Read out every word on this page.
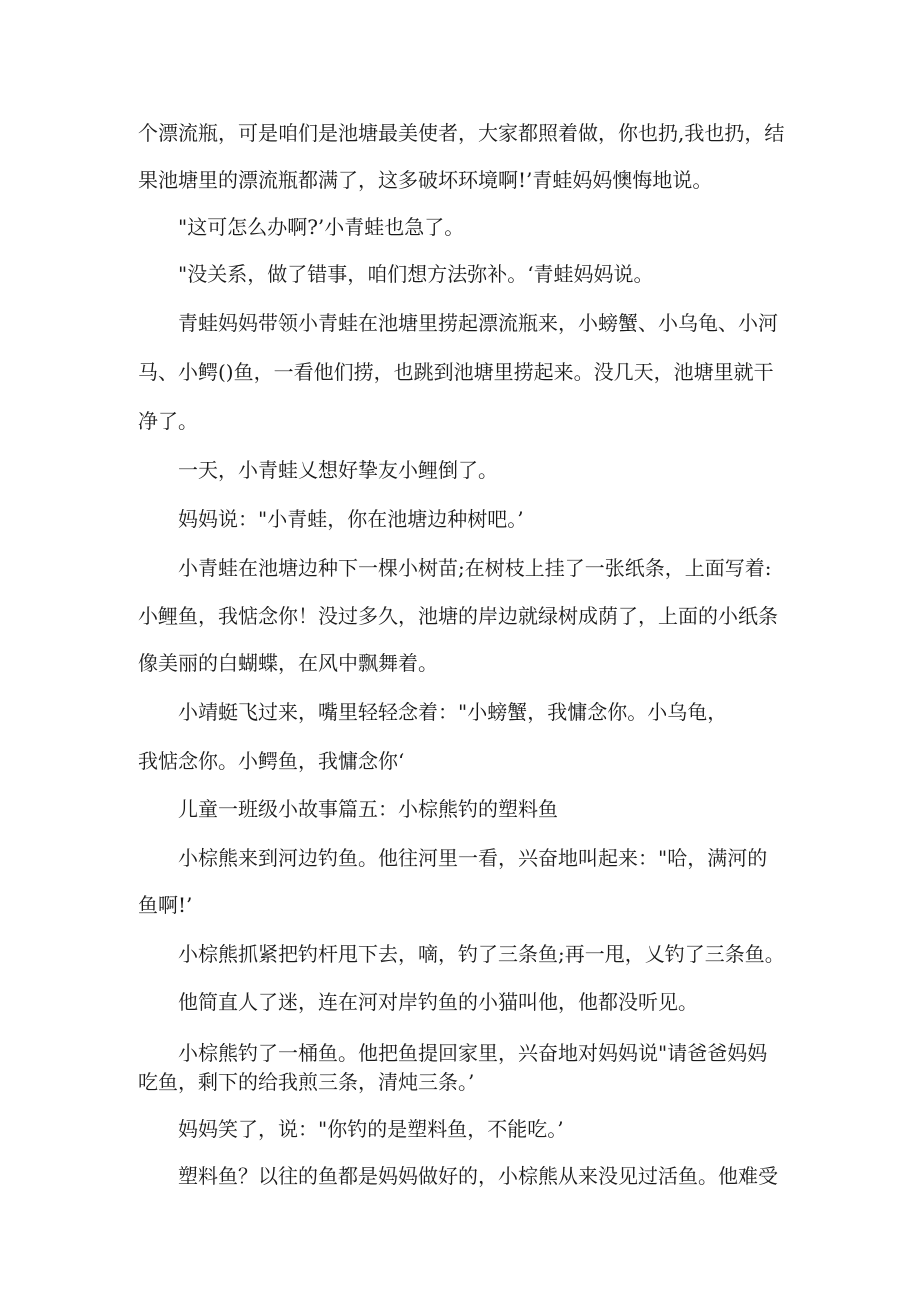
个漂流瓶，可是咱们是池塘最美使者，大家都照着做，你也扔,我也扔，结
果池塘里的漂流瓶都满了，这多破坏环境啊!’青蛙妈妈懊悔地说。
"这可怎么办啊?’小青蛙也急了。
"没关系，做了错事，咱们想方法弥补。‘青蛙妈妈说。
青蛙妈妈带领小青蛙在池塘里捞起漂流瓶来，小螃蟹、小乌龟、小河
马、小鳄()鱼，一看他们捞，也跳到池塘里捞起来。没几天，池塘里就干
净了。
一天，小青蛙乂想好挚友小鲤倒了。
妈妈说："小青蛙，你在池塘边种树吧。’
小青蛙在池塘边种下一棵小树苗;在树枝上挂了一张纸条，上面写着:
小鲤鱼，我惦念你！没过多久，池塘的岸边就绿树成荫了，上面的小纸条
像美丽的白蝴蝶，在风中飘舞着。
小靖蜓飞过来，嘴里轻轻念着："小螃蟹，我慵念你。小乌龟，
我惦念你。小鳄鱼，我慵念你‘
儿童一班级小故事篇五：小棕熊钓的塑料鱼
小棕熊来到河边钓鱼。他往河里一看，兴奋地叫起来："哈，满河的
鱼啊!’
小棕熊抓紧把钓杆甩下去，嘀，钓了三条鱼;再一甩，乂钓了三条鱼。
他简直人了迷，连在河对岸钓鱼的小猫叫他，他都没听见。
小棕熊钓了一桶鱼。他把鱼提回家里，兴奋地对妈妈说"请爸爸妈妈
吃鱼，剩下的给我煎三条，清炖三条。’
妈妈笑了，说："你钓的是塑料鱼，不能吃。’
塑料鱼？以往的鱼都是妈妈做好的，小棕熊从来没见过活鱼。他难受
